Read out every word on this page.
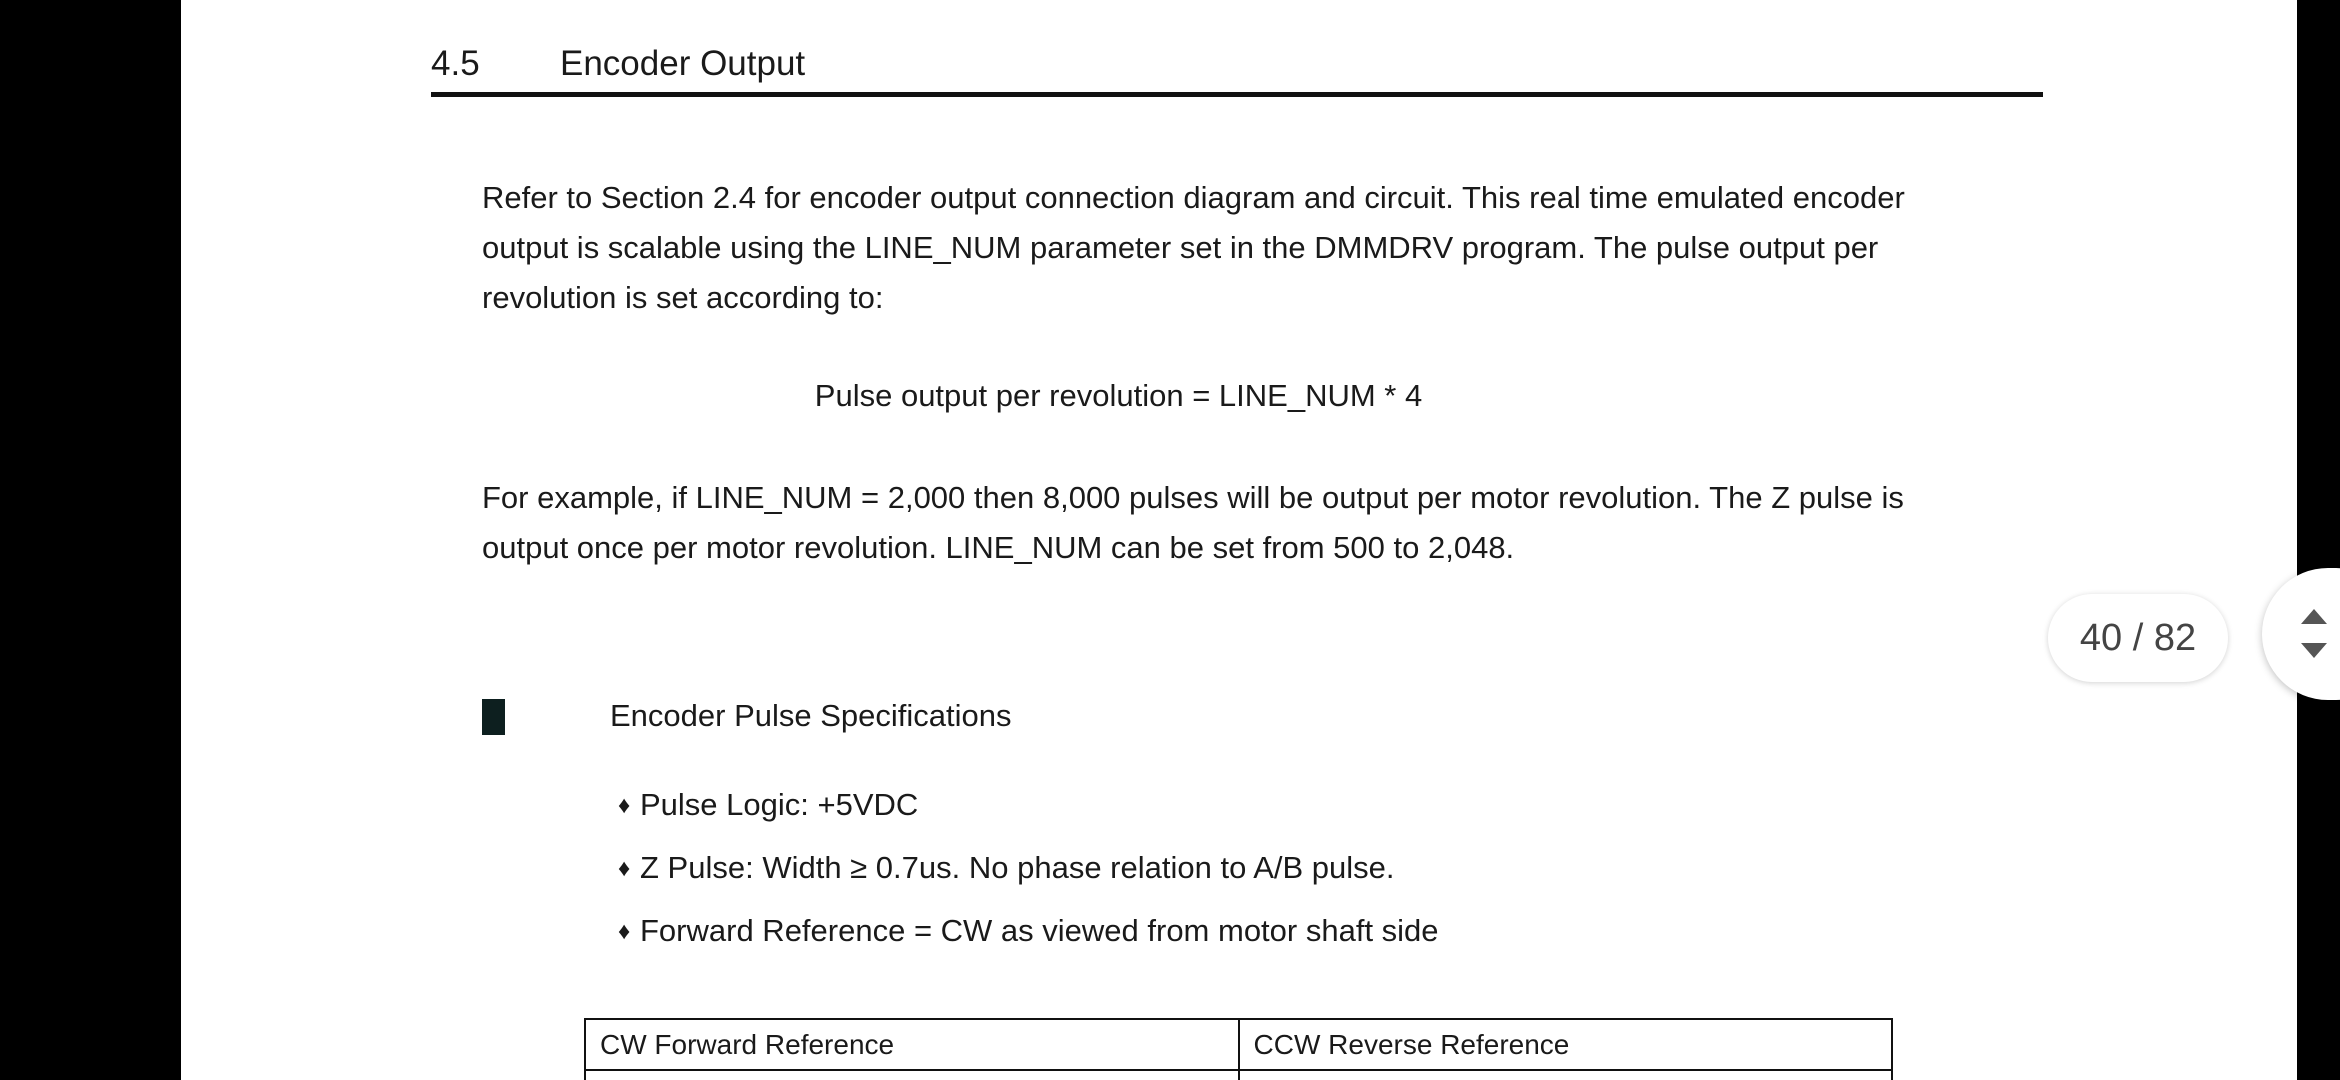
4.5 Encoder Output

Refer to Section 2.4 for encoder output connection diagram and circuit. This real time emulated encoder output is scalable using the LINE_NUM parameter set in the DMMDRV program. The pulse output per revolution is set according to:

Pulse output per revolution = LINE_NUM * 4

For example, if LINE_NUM = 2,000 then 8,000 pulses will be output per motor revolution. The Z pulse is output once per motor revolution. LINE_NUM can be set from 500 to 2,048.

Encoder Pulse Specifications
♦ Pulse Logic: +5VDC
♦ Z Pulse: Width ≥ 0.7us. No phase relation to A/B pulse.
♦ Forward Reference = CW as viewed from motor shaft side
CW Forward Reference	CCW Reverse Reference

40 / 82
